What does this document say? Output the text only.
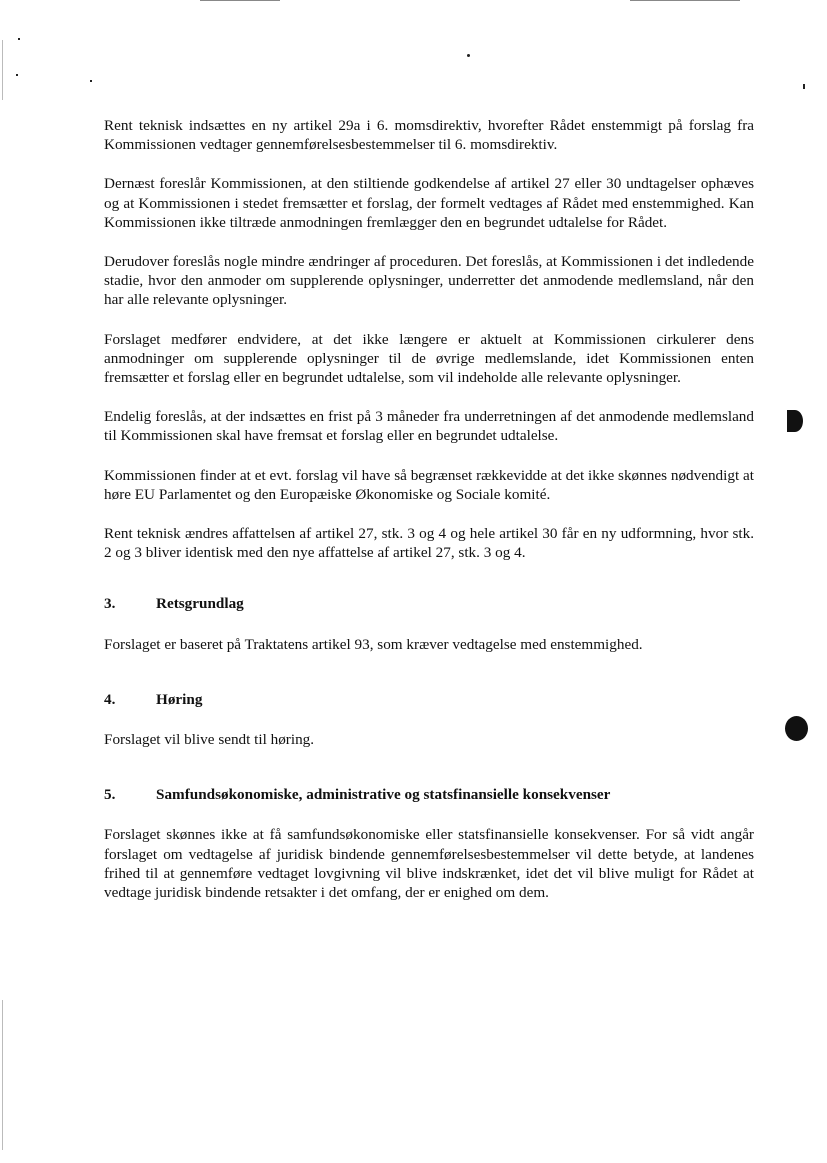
Rent teknisk indsættes en ny artikel 29a i 6. momsdirektiv, hvorefter Rådet enstemmigt på forslag fra Kommissionen vedtager gennemførelsesbestemmelser til 6. momsdirektiv.

Dernæst foreslår Kommissionen, at den stiltiende godkendelse af artikel 27 eller 30 undtagelser ophæves og at Kommissionen i stedet fremsætter et forslag, der formelt vedtages af Rådet med enstemmighed. Kan Kommissionen ikke tiltræde anmodningen fremlægger den en begrundet udtalelse for Rådet.

Derudover foreslås nogle mindre ændringer af proceduren. Det foreslås, at Kommissionen i det indledende stadie, hvor den anmoder om supplerende oplysninger, underretter det anmodende medlemsland, når den har alle relevante oplysninger.

Forslaget medfører endvidere, at det ikke længere er aktuelt at Kommissionen cirkulerer dens anmodninger om supplerende oplysninger til de øvrige medlemslande, idet Kommissionen enten fremsætter et forslag eller en begrundet udtalelse, som vil indeholde alle relevante oplysninger.

Endelig foreslås, at der indsættes en frist på 3 måneder fra underretningen af det anmodende medlemsland til Kommissionen skal have fremsat et forslag eller en begrundet udtalelse.

Kommissionen finder at et evt. forslag vil have så begrænset rækkevidde at det ikke skønnes nødvendigt at høre EU Parlamentet og den Europæiske Økonomiske og Sociale komité.

Rent teknisk ændres affattelsen af artikel 27, stk. 3 og 4 og hele artikel 30 får en ny udformning, hvor stk. 2 og 3 bliver identisk med den nye affattelse af artikel 27, stk. 3 og 4.

3.	Retsgrundlag

Forslaget er baseret på Traktatens artikel 93, som kræver vedtagelse med enstemmighed.

4.	Høring

Forslaget vil blive sendt til høring.

5.	Samfundsøkonomiske, administrative og statsfinansielle konsekvenser

Forslaget skønnes ikke at få samfundsøkonomiske eller statsfinansielle konsekvenser. For så vidt angår forslaget om vedtagelse af juridisk bindende gennemførelsesbestemmelser vil dette betyde, at landenes frihed til at gennemføre vedtaget lovgivning vil blive indskrænket, idet det vil blive muligt for Rådet at vedtage juridisk bindende retsakter i det omfang, der er enighed om dem.
